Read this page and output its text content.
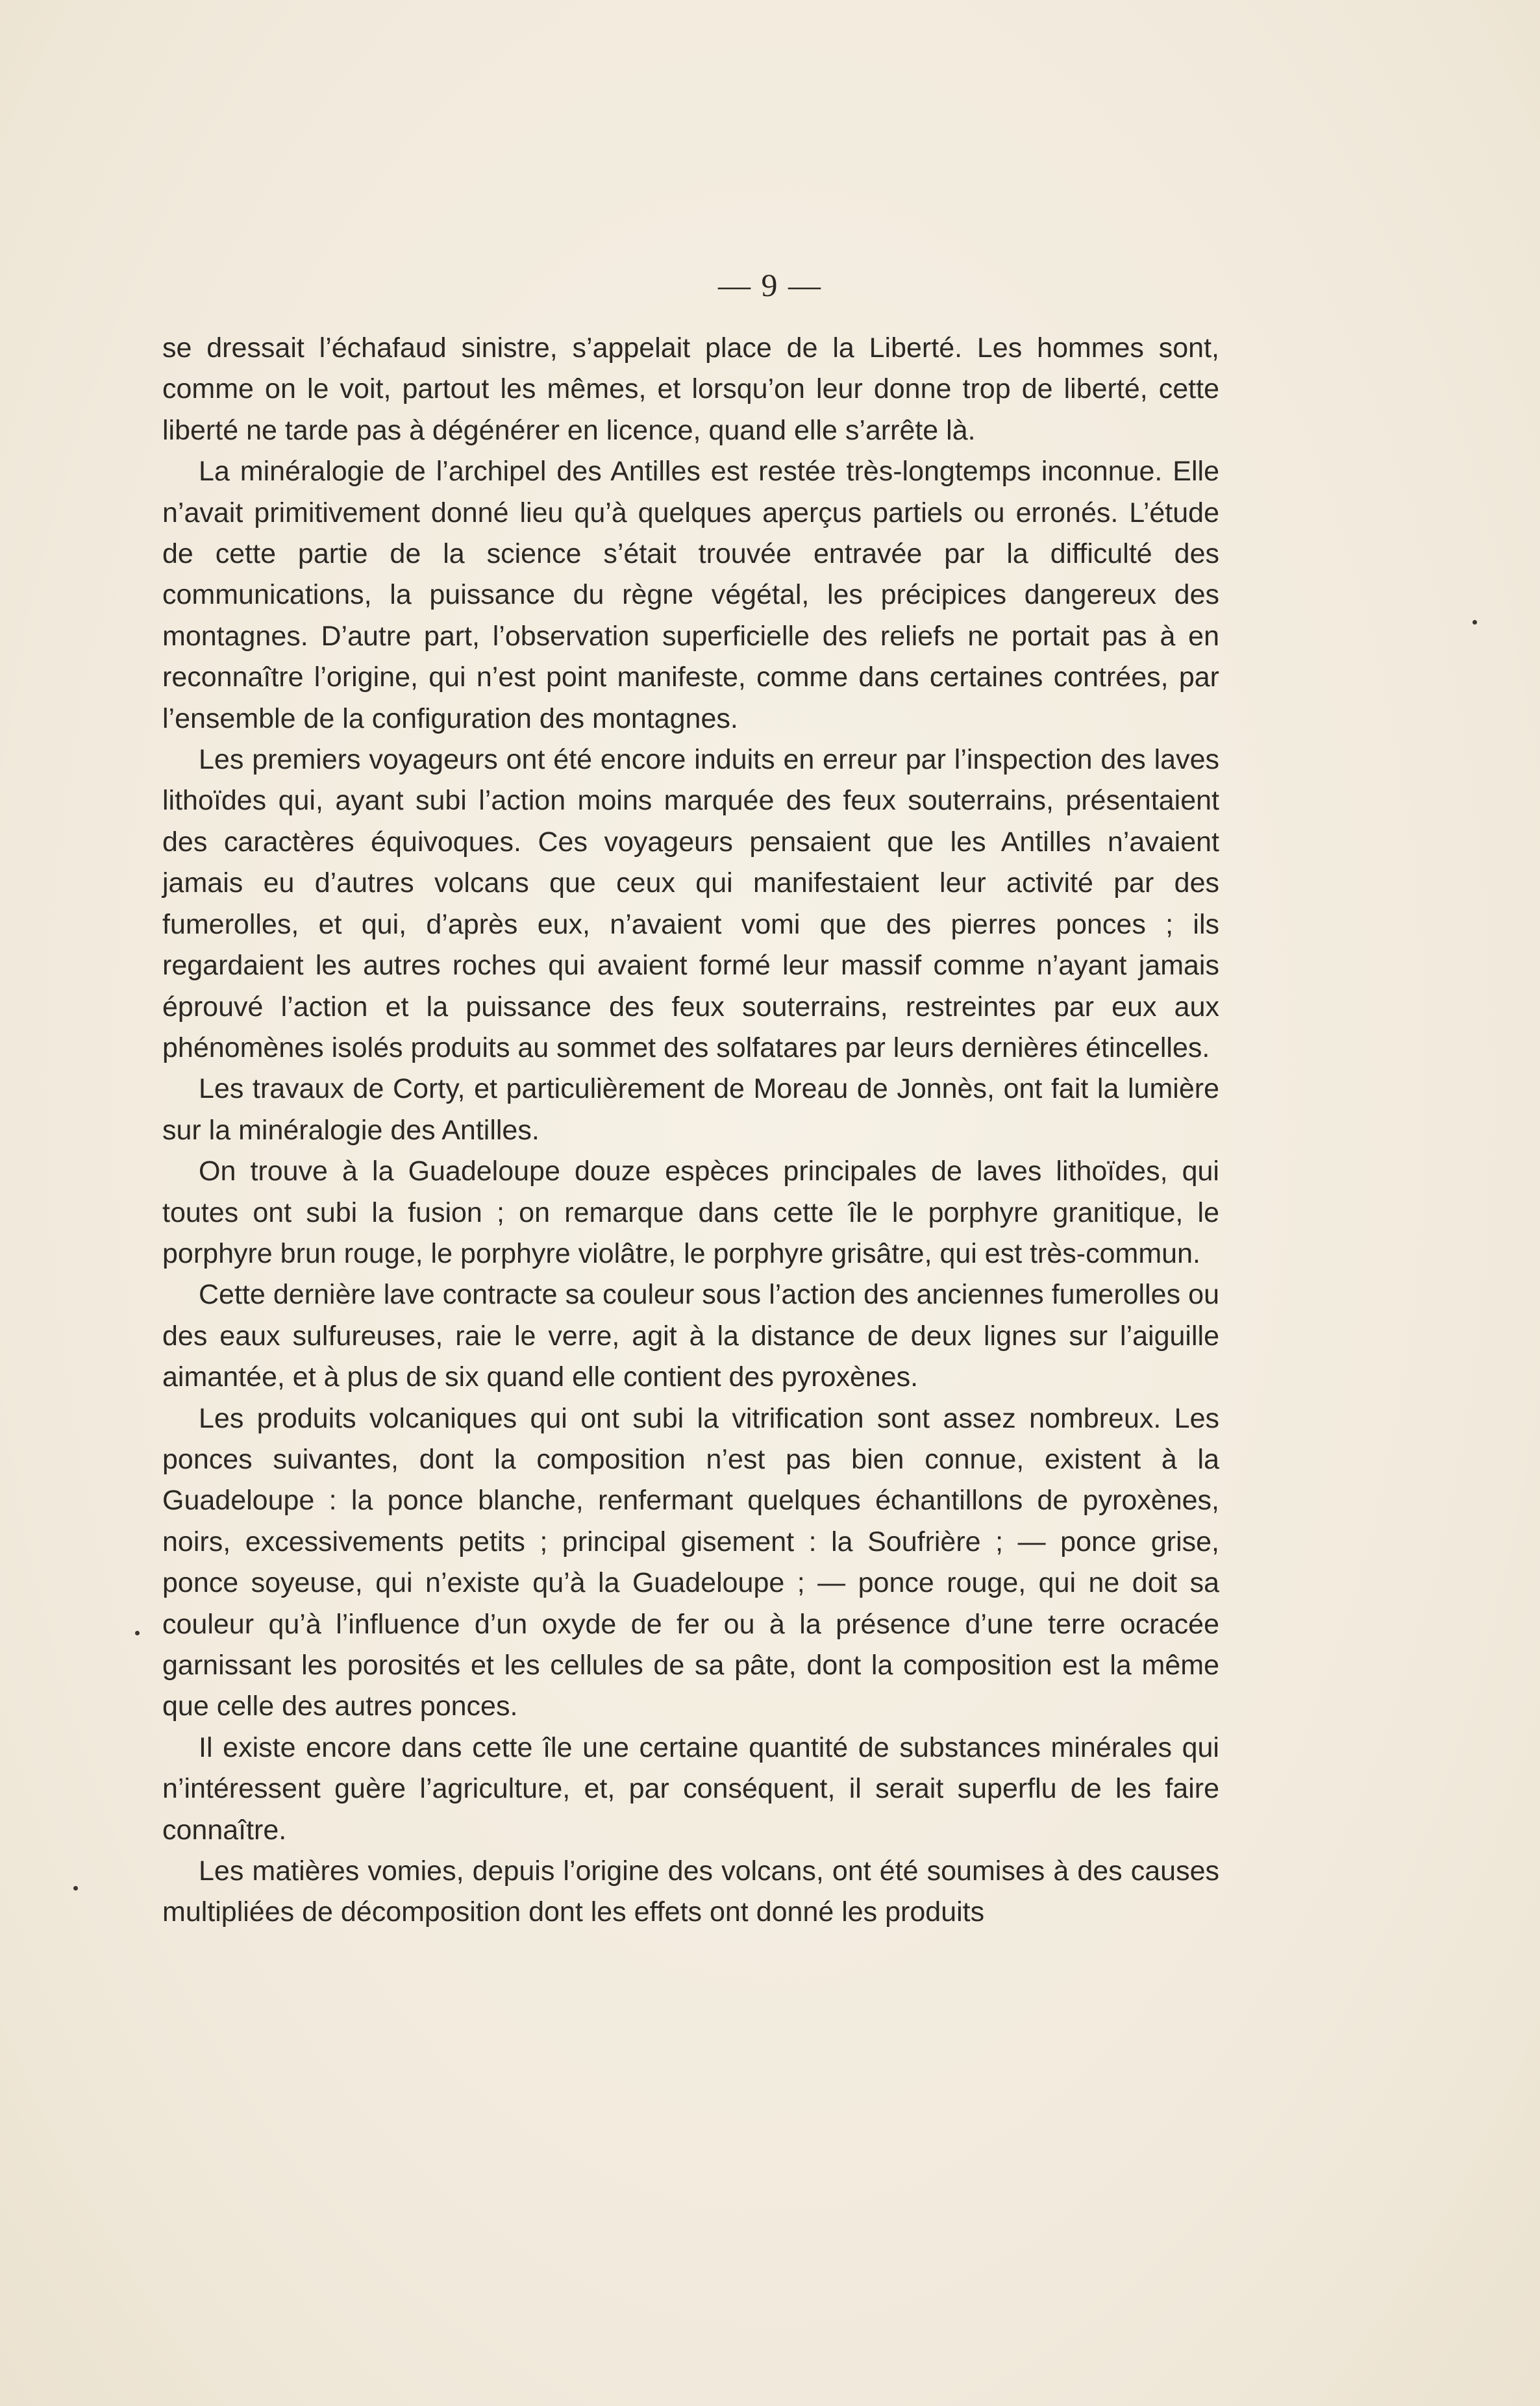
— 9 —

se dressait l’échafaud sinistre, s’appelait place de la Liberté. Les hommes sont, comme on le voit, partout les mêmes, et lorsqu’on leur donne trop de liberté, cette liberté ne tarde pas à dégénérer en licence, quand elle s’arrête là.

La minéralogie de l’archipel des Antilles est restée très-longtemps inconnue. Elle n’avait primitivement donné lieu qu’à quelques aperçus partiels ou erronés. L’étude de cette partie de la science s’était trouvée entravée par la difficulté des communications, la puissance du règne végétal, les précipices dangereux des montagnes. D’autre part, l’observation superficielle des reliefs ne portait pas à en reconnaître l’origine, qui n’est point manifeste, comme dans certaines contrées, par l’ensemble de la configuration des montagnes.

Les premiers voyageurs ont été encore induits en erreur par l’inspection des laves lithoïdes qui, ayant subi l’action moins marquée des feux souterrains, présentaient des caractères équivoques. Ces voyageurs pensaient que les Antilles n’avaient jamais eu d’autres volcans que ceux qui manifestaient leur activité par des fumerolles, et qui, d’après eux, n’avaient vomi que des pierres ponces ; ils regardaient les autres roches qui avaient formé leur massif comme n’ayant jamais éprouvé l’action et la puissance des feux souterrains, restreintes par eux aux phénomènes isolés produits au sommet des solfatares par leurs dernières étincelles.

Les travaux de Corty, et particulièrement de Moreau de Jonnès, ont fait la lumière sur la minéralogie des Antilles.

On trouve à la Guadeloupe douze espèces principales de laves lithoïdes, qui toutes ont subi la fusion ; on remarque dans cette île le porphyre granitique, le porphyre brun rouge, le porphyre violâtre, le porphyre grisâtre, qui est très-commun.

Cette dernière lave contracte sa couleur sous l’action des anciennes fumerolles ou des eaux sulfureuses, raie le verre, agit à la distance de deux lignes sur l’aiguille aimantée, et à plus de six quand elle contient des pyroxènes.

Les produits volcaniques qui ont subi la vitrification sont assez nombreux. Les ponces suivantes, dont la composition n’est pas bien connue, existent à la Guadeloupe : la ponce blanche, renfermant quelques échantillons de pyroxènes, noirs, excessivements petits ; principal gisement : la Soufrière ; — ponce grise, ponce soyeuse, qui n’existe qu’à la Guadeloupe ; — ponce rouge, qui ne doit sa couleur qu’à l’influence d’un oxyde de fer ou à la présence d’une terre ocracée garnissant les porosités et les cellules de sa pâte, dont la composition est la même que celle des autres ponces.

Il existe encore dans cette île une certaine quantité de substances minérales qui n’intéressent guère l’agriculture, et, par conséquent, il serait superflu de les faire connaître.

Les matières vomies, depuis l’origine des volcans, ont été soumises à des causes multipliées de décomposition dont les effets ont donné les produits
